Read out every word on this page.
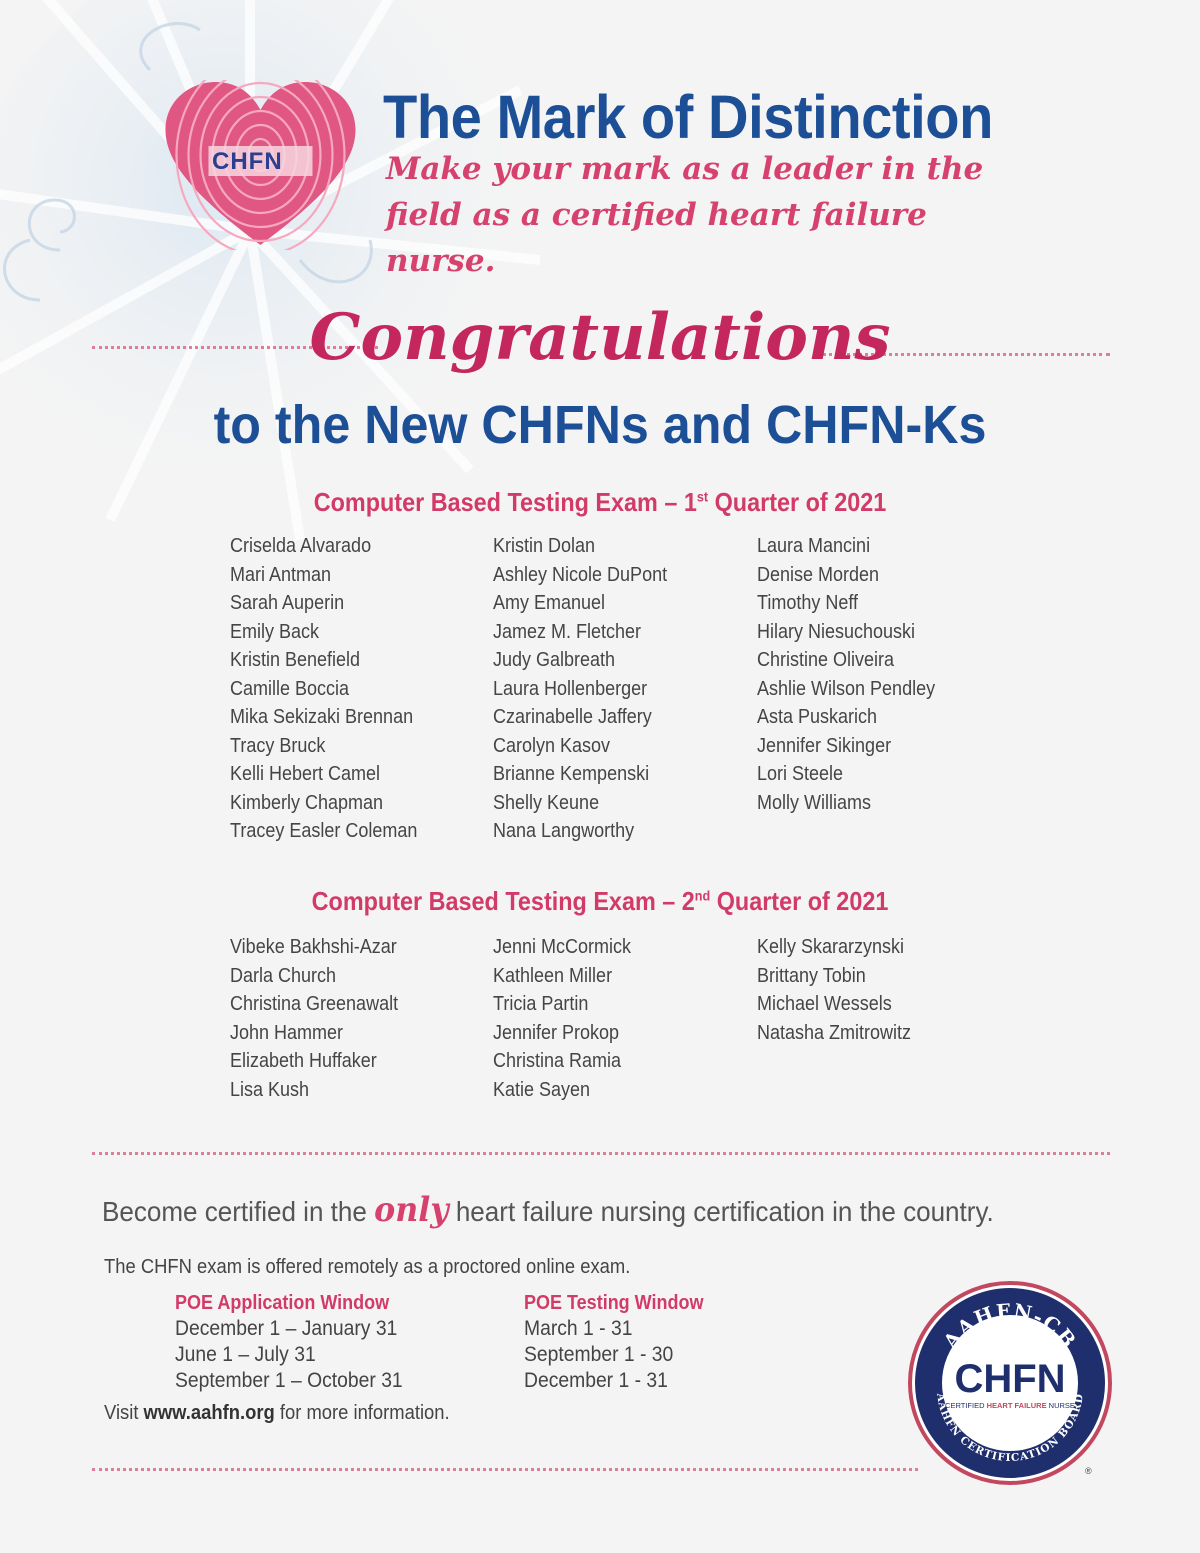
CHFN
The Mark of Distinction

Make your mark as a leader in the field as a certified heart failure nurse.

Congratulations
to the New CHFNs and CHFN-Ks
Computer Based Testing Exam – 1st Quarter of 2021
Criselda Alvarado
Mari Antman
Sarah Auperin
Emily Back
Kristin Benefield
Camille Boccia
Mika Sekizaki Brennan
Tracy Bruck
Kelli Hebert Camel
Kimberly Chapman
Tracey Easler Coleman
Kristin Dolan
Ashley Nicole DuPont
Amy Emanuel
Jamez M. Fletcher
Judy Galbreath
Laura Hollenberger
Czarinabelle Jaffery
Carolyn Kasov
Brianne Kempenski
Shelly Keune
Nana Langworthy
Laura Mancini
Denise Morden
Timothy Neff
Hilary Niesuchouski
Christine Oliveira
Ashlie Wilson Pendley
Asta Puskarich
Jennifer Sikinger
Lori Steele
Molly Williams
Computer Based Testing Exam – 2nd Quarter of 2021
Vibeke Bakhshi-Azar
Darla Church
Christina Greenawalt
John Hammer
Elizabeth Huffaker
Lisa Kush
Jenni McCormick
Kathleen Miller
Tricia Partin
Jennifer Prokop
Christina Ramia
Katie Sayen
Kelly Skararzynski
Brittany Tobin
Michael Wessels
Natasha Zmitrowitz

Become certified in the only heart failure nursing certification in the country.

The CHFN exam is offered remotely as a proctored online exam.

POE Application Window
December 1 – January 31
June 1 – July 31
September 1 – October 31
POE Testing Window
March 1 - 31
September 1 - 30
December 1 - 31

Visit www.aahfn.org for more information.

AAHFN-CB
AAHFN CERTIFICATION BOARD
CHFN
CERTIFIED HEART FAILURE NURSE
®
